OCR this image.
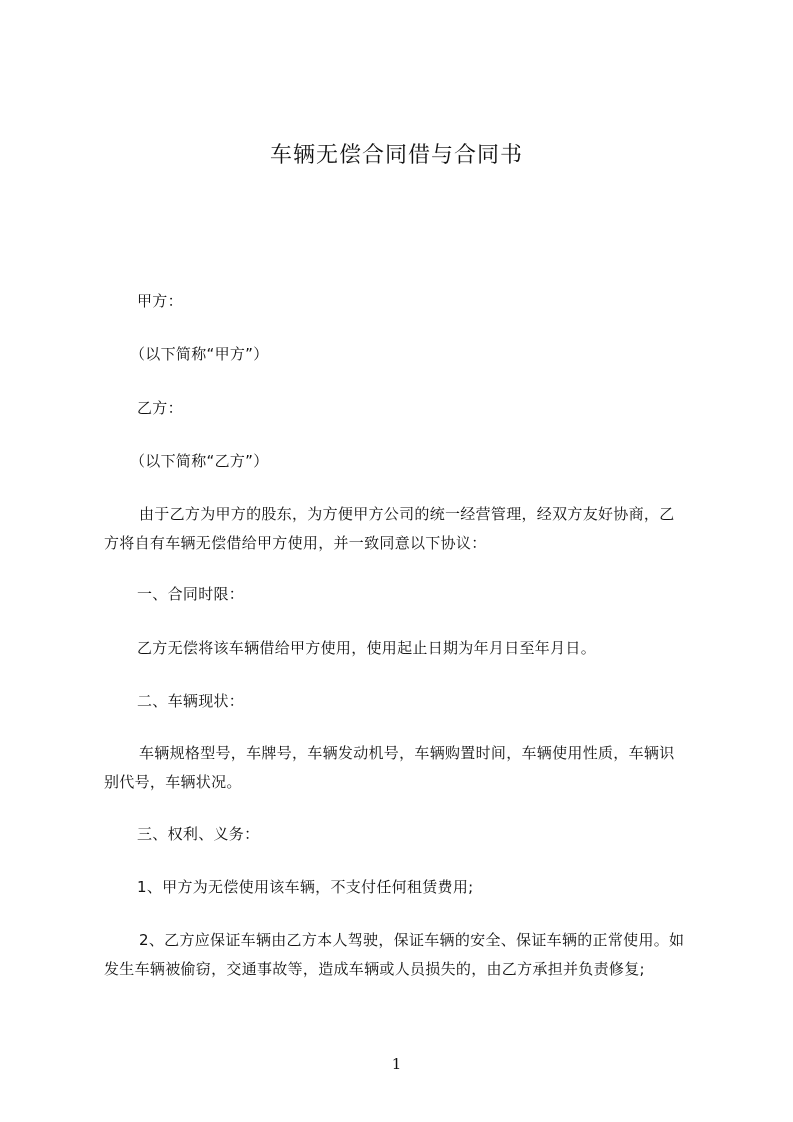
车辆无偿合同借与合同书
甲方：
（以下简称“甲方”）
乙方：
（以下简称“乙方”）
由于乙方为甲方的股东，为方便甲方公司的统一经营管理，经双方友好协商，乙
方将自有车辆无偿借给甲方使用，并一致同意以下协议：
一、合同时限：
乙方无偿将该车辆借给甲方使用，使用起止日期为年月日至年月日。
二、车辆现状：
车辆规格型号，车牌号，车辆发动机号，车辆购置时间，车辆使用性质，车辆识
别代号，车辆状况。
三、权利、义务：
1、甲方为无偿使用该车辆，不支付任何租赁费用;
2、乙方应保证车辆由乙方本人驾驶，保证车辆的安全、保证车辆的正常使用。如
发生车辆被偷窃，交通事故等，造成车辆或人员损失的，由乙方承担并负责修复;
1
